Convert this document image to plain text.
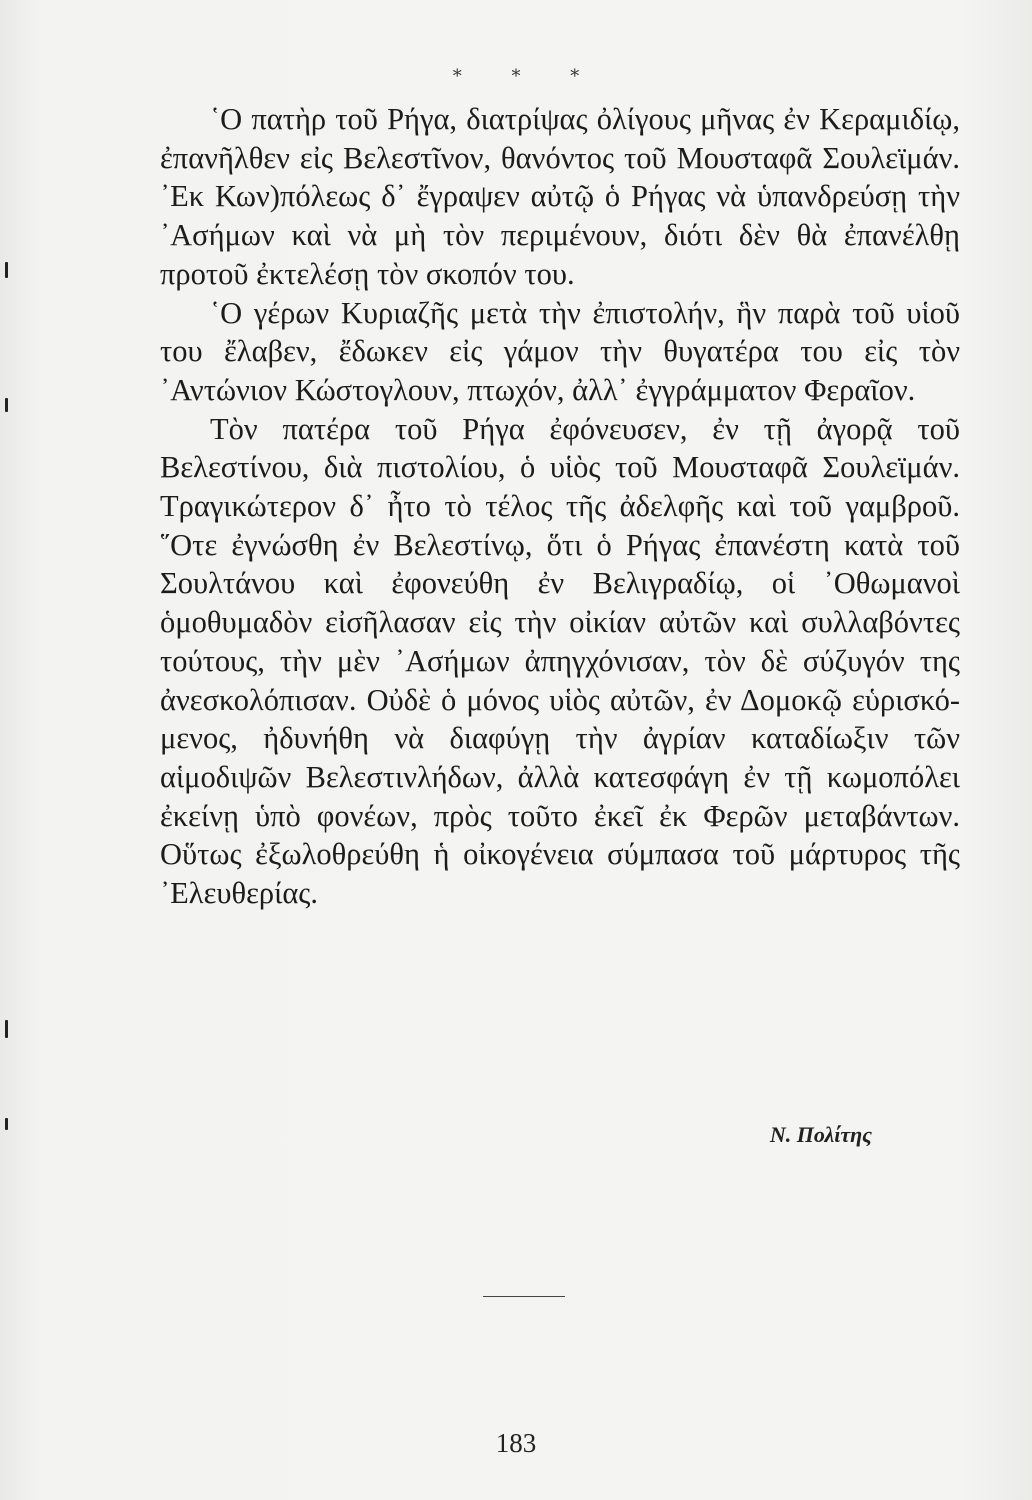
* * *

῾Ο πατὴρ τοῦ Ρήγα, διατρίψας ὀλίγους μῆνας ἐν Κεραμιδίῳ, ἐπανῆλθεν εἰς Βελεστῖνον, θανόντος τοῦ Μουσταφᾶ Σουλεϊμάν. ᾿Εκ Κων)πόλεως δ᾿ ἔγραψεν αὐτῷ ὁ Ρήγας νὰ ὑπανδρεύσῃ τὴν ᾿Ασήμων καὶ νὰ μὴ τὸν περιμένουν, διότι δὲν θὰ ἐπανέλθῃ προτοῦ ἐκτελέσῃ τὸν σκοπόν του.

῾Ο γέρων Κυριαζῆς μετὰ τὴν ἐπιστολήν, ἣν παρὰ τοῦ υἱοῦ του ἔλαβεν, ἔδωκεν εἰς γάμον τὴν θυγατέρα του εἰς τὸν ᾿Αντώνιον Κώστογλουν, πτωχόν, ἀλλ᾿ ἐγγράμματον Φεραῖον.

Τὸν πατέρα τοῦ Ρήγα ἐφόνευσεν, ἐν τῇ ἀγορᾷ τοῦ Βελεστίνου, διὰ πιστολίου, ὁ υἱὸς τοῦ Μουσταφᾶ Σουλεϊμάν. Τραγικώτερον δ᾿ ἦτο τὸ τέλος τῆς ἀδελφῆς καὶ τοῦ γαμβροῦ. ῞Οτε ἐγνώσθη ἐν Βελεστίνῳ, ὅτι ὁ Ρήγας ἐπανέστη κατὰ τοῦ Σουλτάνου καὶ ἐφονεύθη ἐν Βελιγραδίῳ, οἱ ᾿Οθωμανοὶ ὁμοθυμαδὸν εἰσῆλασαν εἰς τὴν οἰκίαν αὐτῶν καὶ συλλαβόντες τούτους, τὴν μὲν ᾿Ασήμων ἀπηγχόνισαν, τὸν δὲ σύζυγόν της ἀνεσκολόπισαν. Οὐδὲ ὁ μόνος υἱὸς αὐτῶν, ἐν Δομοκῷ εὑρισκόμενος, ἠδυνήθη νὰ διαφύγῃ τὴν ἀγρίαν καταδίωξιν τῶν αἱμοδιψῶν Βελεστινλήδων, ἀλλὰ κατεσφάγη ἐν τῇ κωμοπόλει ἐκείνῃ ὑπὸ φονέων, πρὸς τοῦτο ἐκεῖ ἐκ Φερῶν μεταβάντων. Οὕτως ἐξωλοθρεύθη ἡ οἰκογένεια σύμπασα τοῦ μάρτυρος τῆς ᾿Ελευθερίας.

Ν. Πολίτης
183
